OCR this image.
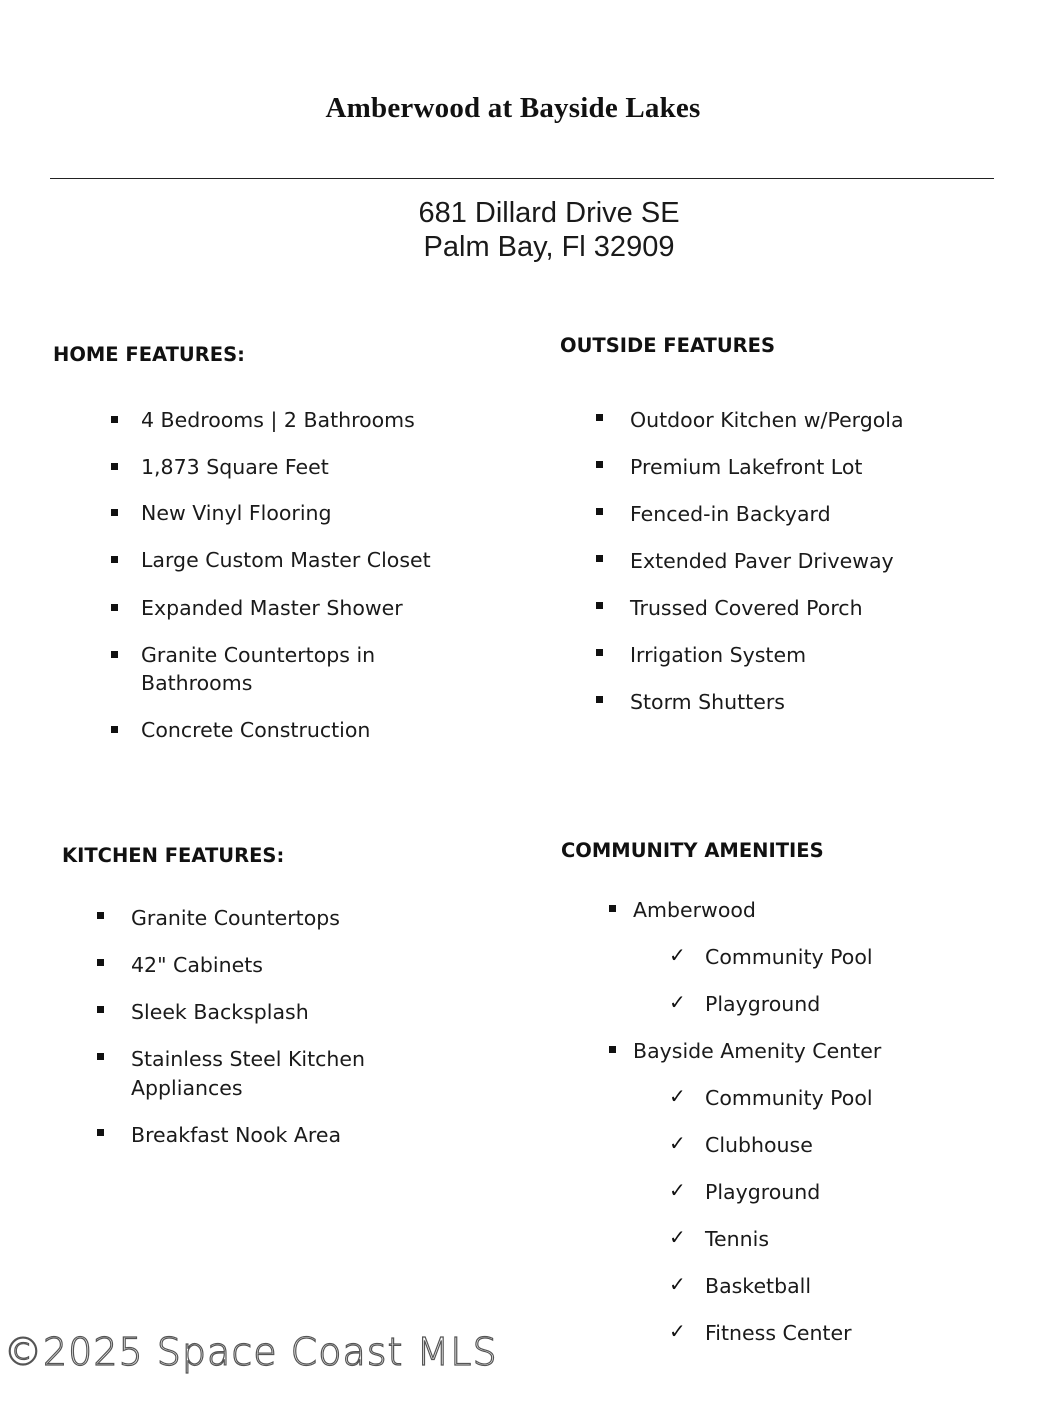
Amberwood at Bayside Lakes
681 Dillard Drive SE
Palm Bay, Fl 32909
HOME FEATURES:
4 Bedrooms | 2 Bathrooms
1,873 Square Feet
New Vinyl Flooring
Large Custom Master Closet
Expanded Master Shower
Granite Countertops in
Bathrooms
Concrete Construction
OUTSIDE FEATURES
Outdoor Kitchen w/Pergola
Premium Lakefront Lot
Fenced-in Backyard
Extended Paver Driveway
Trussed Covered Porch
Irrigation System
Storm Shutters
KITCHEN FEATURES:
Granite Countertops
42" Cabinets
Sleek Backsplash
Stainless Steel Kitchen
Appliances
Breakfast Nook Area
COMMUNITY AMENITIES
Amberwood
✓ Community Pool
✓ Playground
Bayside Amenity Center
✓ Community Pool
✓ Clubhouse
✓ Playground
✓ Tennis
✓ Basketball
✓ Fitness Center
©2025 Space Coast MLS
